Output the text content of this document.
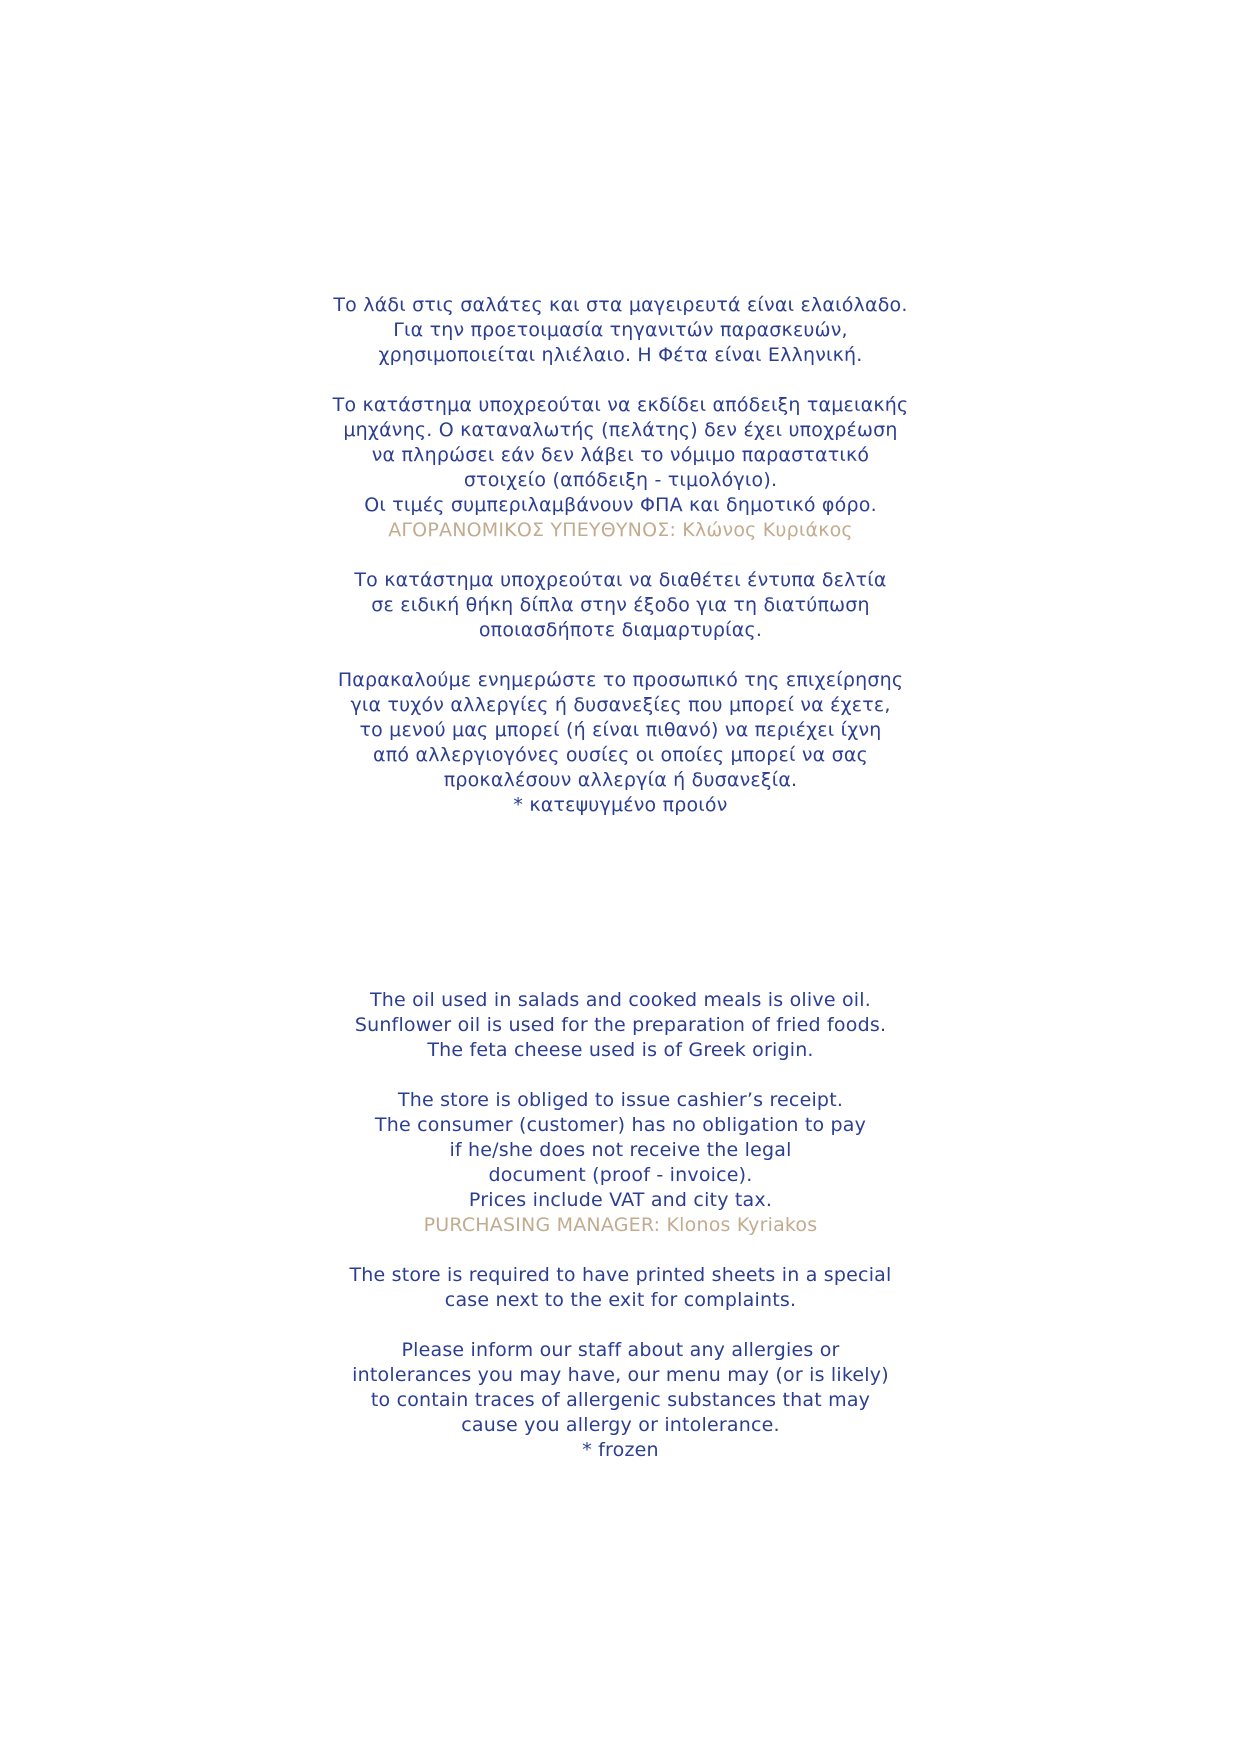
Το λάδι στις σαλάτες και στα μαγειρευτά είναι ελαιόλαδο.

Για την προετοιμασία τηγανιτών παρασκευών,

χρησιμοποιείται ηλιέλαιο. Η Φέτα είναι Ελληνική.

Το κατάστημα υποχρεούται να εκδίδει απόδειξη ταμειακής

μηχάνης. Ο καταναλωτής (πελάτης) δεν έχει υποχρέωση

να πληρώσει εάν δεν λάβει το νόμιμο παραστατικό

στοιχείο (απόδειξη - τιμολόγιο).

Οι τιμές συμπεριλαμβάνουν ΦΠΑ και δημοτικό φόρο.

ΑΓΟΡΑΝΟΜΙΚΟΣ ΥΠΕΥΘΥΝΟΣ: Κλώνος Κυριάκος

Το κατάστημα υποχρεούται να διαθέτει έντυπα δελτία

σε ειδική θήκη δίπλα στην έξοδο για τη διατύπωση

οποιασδήποτε διαμαρτυρίας.

Παρακαλούμε ενημερώστε το προσωπικό της επιχείρησης

για τυχόν αλλεργίες ή δυσανεξίες που μπορεί να έχετε,

το μενού μας μπορεί (ή είναι πιθανό) να περιέχει ίχνη

από αλλεργιογόνες ουσίες οι οποίες μπορεί να σας

προκαλέσουν αλλεργία ή δυσανεξία.

* κατεψυγμένο προιόν

The oil used in salads and cooked meals is olive oil.

Sunflower oil is used for the preparation of fried foods.

The feta cheese used is of Greek origin.

The store is obliged to issue cashier’s receipt.

The consumer (customer) has no obligation to pay

if he/she does not receive the legal

document (proof - invoice).

Prices include VAT and city tax.

PURCHASING MANAGER: Klonos Kyriakos

The store is required to have printed sheets in a special

case next to the exit for complaints.

Please inform our staff about any allergies or

intolerances you may have, our menu may (or is likely)

to contain traces of allergenic substances that may

cause you allergy or intolerance.

* frozen
